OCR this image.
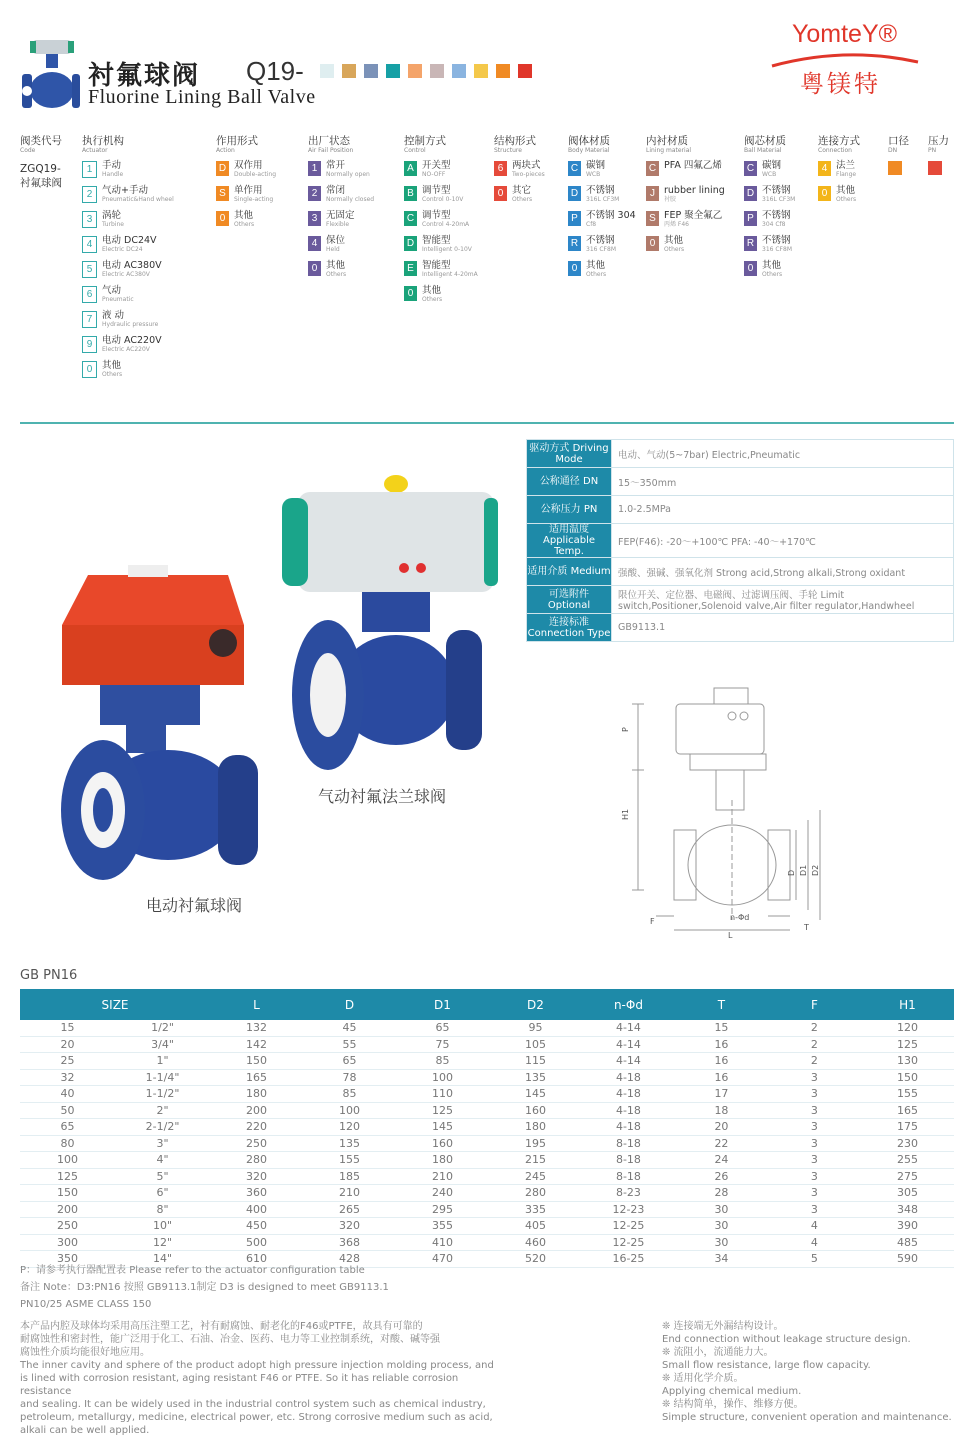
衬氟球阀
Fluorine Lining Ball Valve
Q19-
YomteY®
粤镁特
阀类代号
Code
ZGQ19-
衬氟球阀
执行机构
Actuator
1	手动
Handle
2	气动+手动
Pneumatic&Hand wheel
3	涡轮
Turbine
4	电动 DC24V
Electric DC24
5	电动 AC380V
Electric AC380V
6	气动
Pneumatic
7	液 动
Hydraulic pressure
9	电动 AC220V
Electric AC220V
0	其他
Others
作用形式
Action
D 双作用
Double-acting
S 单作用
Single-acting
0 其他
Others
出厂状态
Air Fail Position
1 常开
Normally open
2 常闭
Normally closed
3 无固定
Flexible
4 保位
Held
0 其他
Others
控制方式
Control
A 开关型
NO-OFF
B 调节型
Control 0-10V
C 调节型
Control 4-20mA
D 智能型
Intelligent 0-10V
E 智能型
Intelligent 4-20mA
0 其他
Others
结构形式
Structure
6 两块式
Two-pieces
0 其它
Others
阀体材质
Body Material
C 碳钢
WCB
D 不锈钢
316L CF3M
P 不锈钢 304
Cf8
R 不锈钢
316 CF8M
0 其他
Others
内衬材质
Lining material
C PFA 四氟乙烯
J rubber lining
衬胶
S FEP 聚全氟乙
丙烯 F46
0 其他
Others
阀芯材质
Ball Material
C 碳钢
WCB
D 不锈钢
316L CF3M
P 不锈钢
304 Cf8
R 不锈钢
316 CF8M
0 其他
Others
连接方式
Connection
4 法兰
Flange
0 其他
Others
口径
DN
压力
PN
电动衬氟球阀
气动衬氟法兰球阀
驱动方式 Driving Mode	电动、气动(5~7bar) Electric,Pneumatic
公称通径 DN	15～350mm
公称压力 PN	1.0-2.5MPa
适用温度 Applicable Temp.	FEP(F46): -20～+100℃ PFA: -40～+170℃
适用介质 Medium	强酸、强碱、强氧化剂 Strong acid,Strong alkali,Strong oxidant
可选附件 Optional	限位开关、定位器、电磁阀、过滤调压阀、手轮 Limit switch,Positioner,Solenoid valve,Air filter regulator,Handwheel
连接标准 Connection Type	GB9113.1
P
H1
D D1 D2
F	n-Φd
L
T
GB PN16
SIZE		L	D	D1	D2	n-Φd	T	F	H1
15	1/2"	132	45	65	95	4-14	15	2	120
20	3/4"	142	55	75	105	4-14	16	2	125
25	1"	150	65	85	115	4-14	16	2	130
32	1-1/4"	165	78	100	135	4-18	16	3	150
40	1-1/2"	180	85	110	145	4-18	17	3	155
50	2"	200	100	125	160	4-18	18	3	165
65	2-1/2"	220	120	145	180	4-18	20	3	175
80	3"	250	135	160	195	8-18	22	3	230
100	4"	280	155	180	215	8-18	24	3	255
125	5"	320	185	210	245	8-18	26	3	275
150	6"	360	210	240	280	8-23	28	3	305
200	8"	400	265	295	335	12-23	30	3	348
250	10"	450	320	355	405	12-25	30	4	390
300	12"	500	368	410	460	12-25	30	4	485
350	14"	610	428	470	520	16-25	34	5	590
P：请参考执行器配置表 Please refer to the actuator configuration table
备注 Note：D3:PN16 按照 GB9113.1制定 D3 is designed to meet GB9113.1
PN10/25 ASME CLASS 150
本产品内腔及球体均采用高压注塑工艺，衬有耐腐蚀、耐老化的F46或PTFE，故具有可靠的
耐腐蚀性和密封性，能广泛用于化工、石油、冶金、医药、电力等工业控制系统，对酸、碱等强
腐蚀性介质均能很好地应用。
The inner cavity and sphere of the product adopt high pressure injection molding process, and
is lined with corrosion resistant, aging resistant F46 or PTFE. So it has reliable corrosion resistance
and sealing. It can be widely used in the industrial control system such as chemical industry,
petroleum, metallurgy, medicine, electrical power, etc. Strong corrosive medium such as acid,
alkali can be well applied.
❊ 连接端无外漏结构设计。
End connection without leakage structure design.
❊ 流阻小，流通能力大。
Small flow resistance, large flow capacity.
❊ 适用化学介质。
Applying chemical medium.
❊ 结构简单，操作、维修方便。
Simple structure, convenient operation and maintenance.
